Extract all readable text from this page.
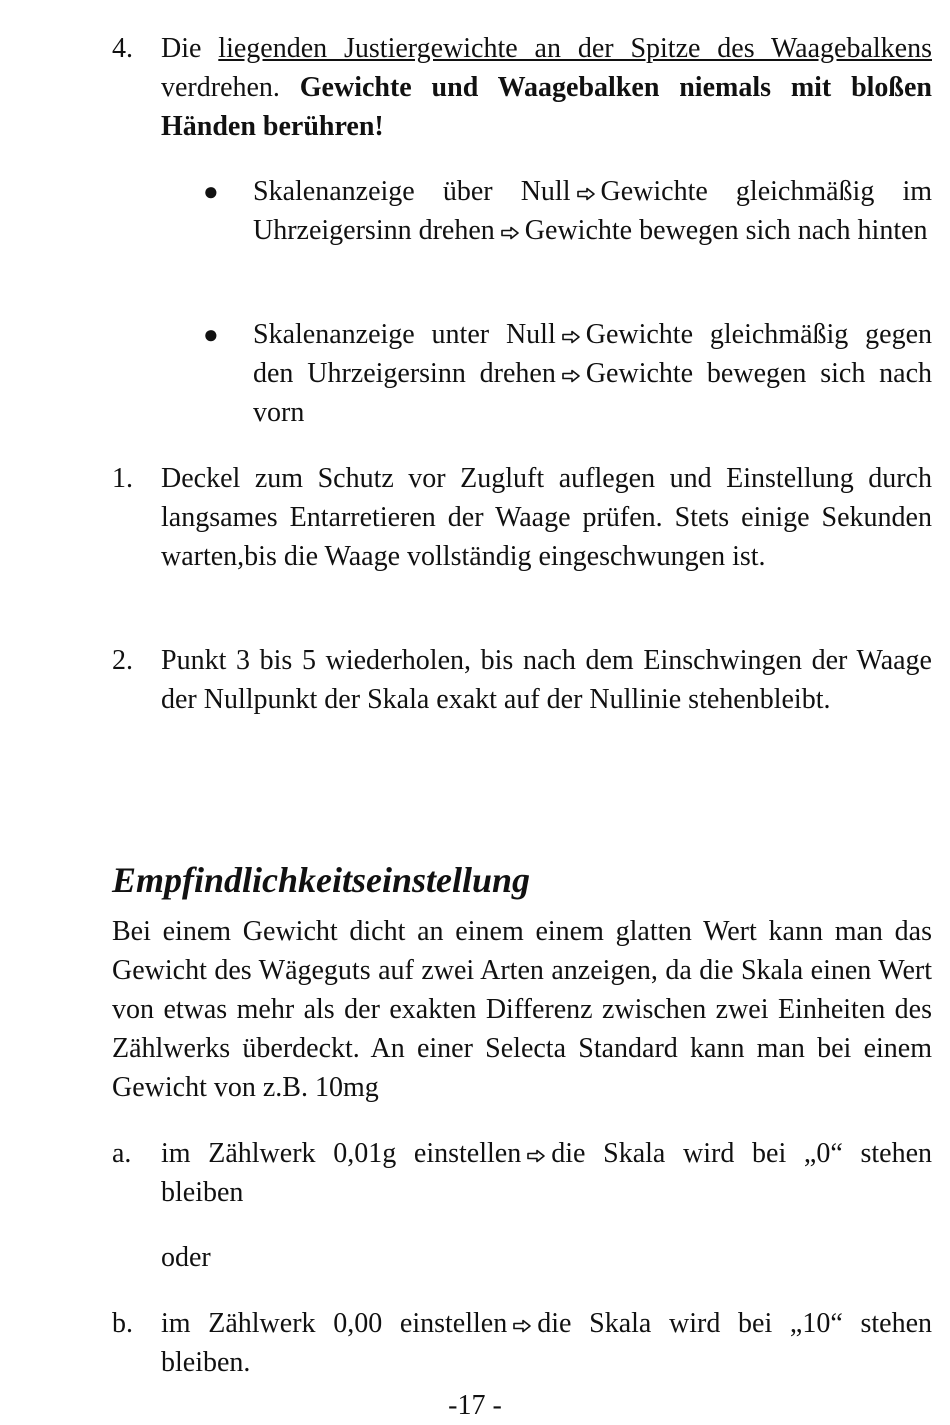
4. Die liegenden Justiergewichte an der Spitze des Waagebalkens verdrehen. Gewichte und Waagebalken niemals mit bloßen Händen berühren!
● Skalenanzeige über Null Gewichte gleichmäßig im Uhrzeigersinn drehen Gewichte bewegen sich nach hinten
● Skalenanzeige unter Null Gewichte gleichmäßig gegen den Uhrzeigersinn drehen Gewichte bewegen sich nach vorn
1. Deckel zum Schutz vor Zugluft auflegen und Einstellung durch langsames Entarretieren der Waage prüfen. Stets einige Sekunden warten,bis die Waage vollständig eingeschwungen ist.
2. Punkt 3 bis 5 wiederholen, bis nach dem Einschwingen der Waage der Nullpunkt der Skala exakt auf der Nullinie stehenbleibt.
Empfindlichkeitseinstellung
Bei einem Gewicht dicht an einem einem glatten Wert kann man das Gewicht des Wägeguts auf zwei Arten anzeigen, da die Skala einen Wert von etwas mehr als der exakten Differenz zwischen zwei Einheiten des Zählwerks überdeckt. An einer Selecta Standard kann man bei einem Gewicht von z.B. 10mg
a. im Zählwerk 0,01g einstellen die Skala wird bei „0“ stehen bleiben
oder
b. im Zählwerk 0,00 einstellen die Skala wird bei „10“ stehen bleiben.
-17 -
